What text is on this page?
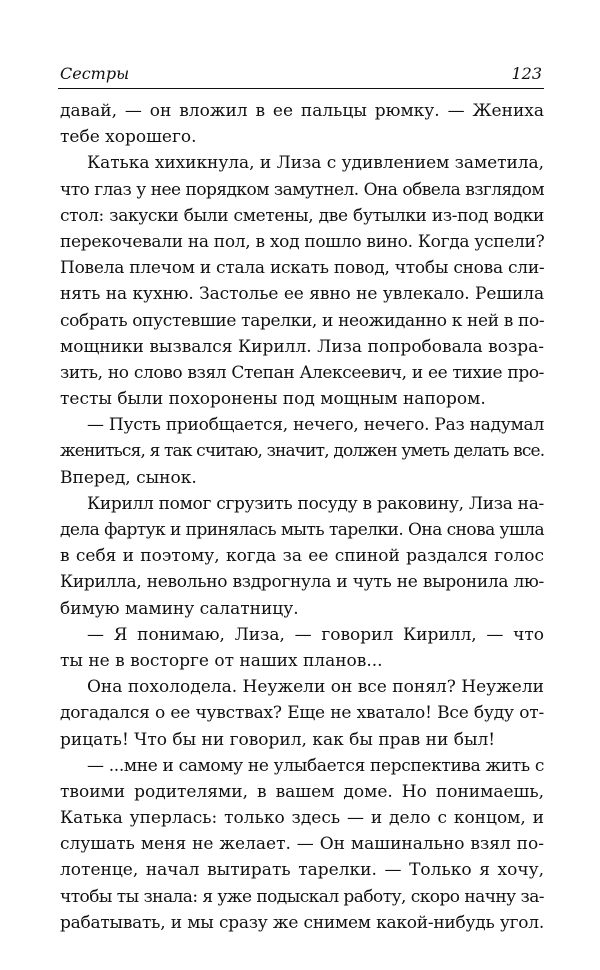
Сестры	123
давай, — он вложил в ее пальцы рюмку. — Жениха
тебе хорошего.
Катька хихикнула, и Лиза с удивлением заметила,
что глаз у нее порядком замутнел. Она обвела взглядом
стол: закуски были сметены, две бутылки из-под водки
перекочевали на пол, в ход пошло вино. Когда успели?
Повела плечом и стала искать повод, чтобы снова сли-
нять на кухню. Застолье ее явно не увлекало. Решила
собрать опустевшие тарелки, и неожиданно к ней в по-
мощники вызвался Кирилл. Лиза попробовала возра-
зить, но слово взял Степан Алексеевич, и ее тихие про-
тесты были похоронены под мощным напором.
— Пусть приобщается, нечего, нечего. Раз надумал
жениться, я так считаю, значит, должен уметь делать все.
Вперед, сынок.
Кирилл помог сгрузить посуду в раковину, Лиза на-
дела фартук и принялась мыть тарелки. Она снова ушла
в себя и поэтому, когда за ее спиной раздался голос
Кирилла, невольно вздрогнула и чуть не выронила лю-
бимую мамину салатницу.
— Я понимаю, Лиза, — говорил Кирилл, — что
ты не в восторге от наших планов...
Она похолодела. Неужели он все понял? Неужели
догадался о ее чувствах? Еще не хватало! Все буду от-
рицать! Что бы ни говорил, как бы прав ни был!
— ...мне и самому не улыбается перспектива жить с
твоими родителями, в вашем доме. Но понимаешь,
Катька уперлась: только здесь — и дело с концом, и
слушать меня не желает. — Он машинально взял по-
лотенце, начал вытирать тарелки. — Только я хочу,
чтобы ты знала: я уже подыскал работу, скоро начну за-
рабатывать, и мы сразу же снимем какой-нибудь угол.
